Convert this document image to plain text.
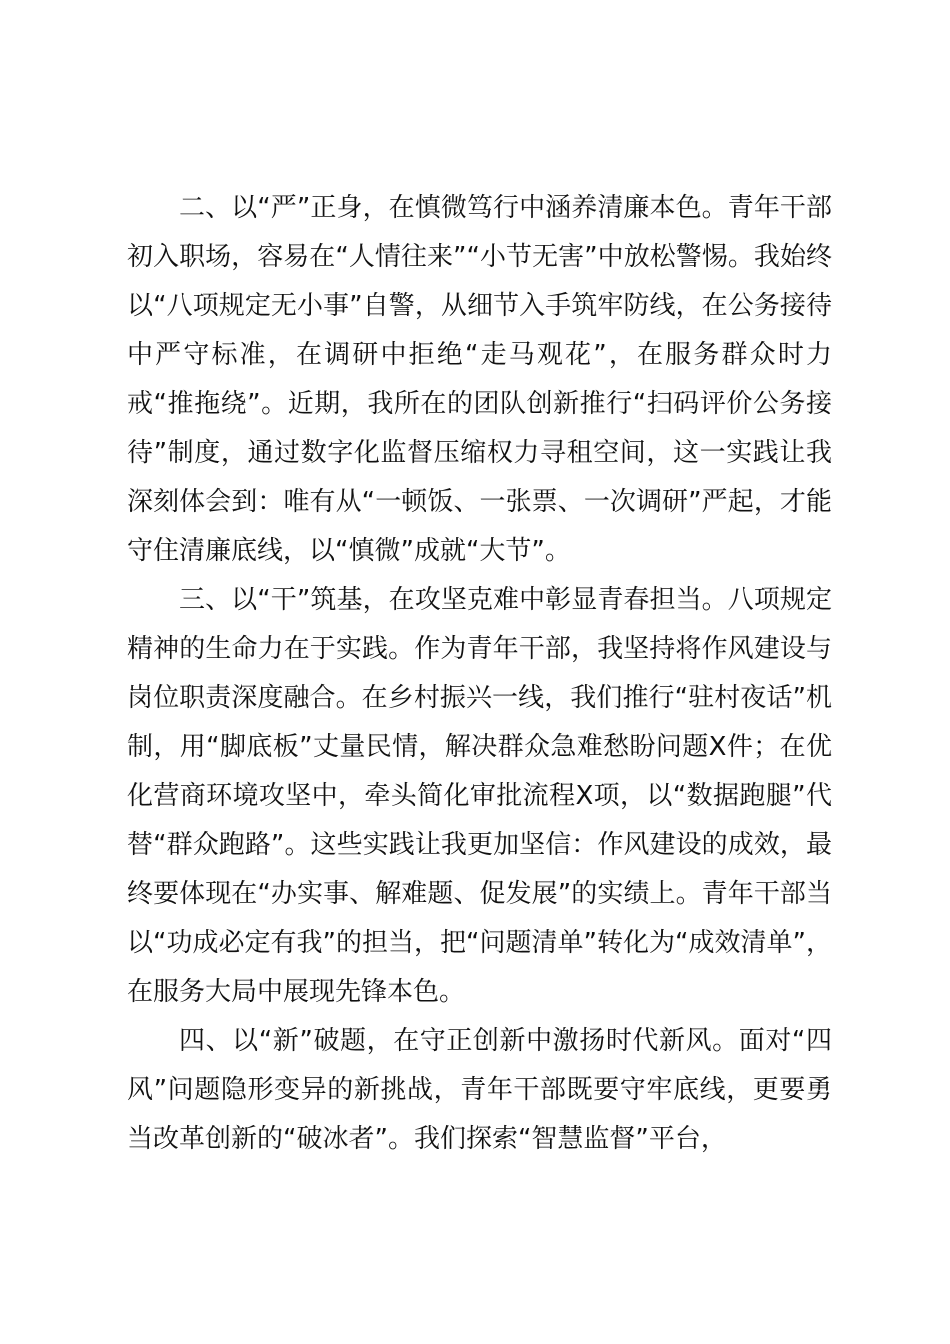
二、以“严”正身，在慎微笃行中涵养清廉本色。青年干部初入职场，容易在“人情往来”“小节无害”中放松警惕。我始终以“八项规定无小事”自警，从细节入手筑牢防线，在公务接待中严守标准，在调研中拒绝“走马观花”，在服务群众时力戒“推拖绕”。近期，我所在的团队创新推行“扫码评价公务接待”制度，通过数字化监督压缩权力寻租空间，这一实践让我深刻体会到：唯有从“一顿饭、一张票、一次调研”严起，才能守住清廉底线，以“慎微”成就“大节”。

三、以“干”筑基，在攻坚克难中彰显青春担当。八项规定精神的生命力在于实践。作为青年干部，我坚持将作风建设与岗位职责深度融合。在乡村振兴一线，我们推行“驻村夜话”机制，用“脚底板”丈量民情，解决群众急难愁盼问题X件；在优化营商环境攻坚中，牵头简化审批流程X项，以“数据跑腿”代替“群众跑路”。这些实践让我更加坚信：作风建设的成效，最终要体现在“办实事、解难题、促发展”的实绩上。青年干部当以“功成必定有我”的担当，把“问题清单”转化为“成效清单”，在服务大局中展现先锋本色。

四、以“新”破题，在守正创新中激扬时代新风。面对“四风”问题隐形变异的新挑战，青年干部既要守牢底线，更要勇当改革创新的“破冰者”。我们探索“智慧监督”平台，
